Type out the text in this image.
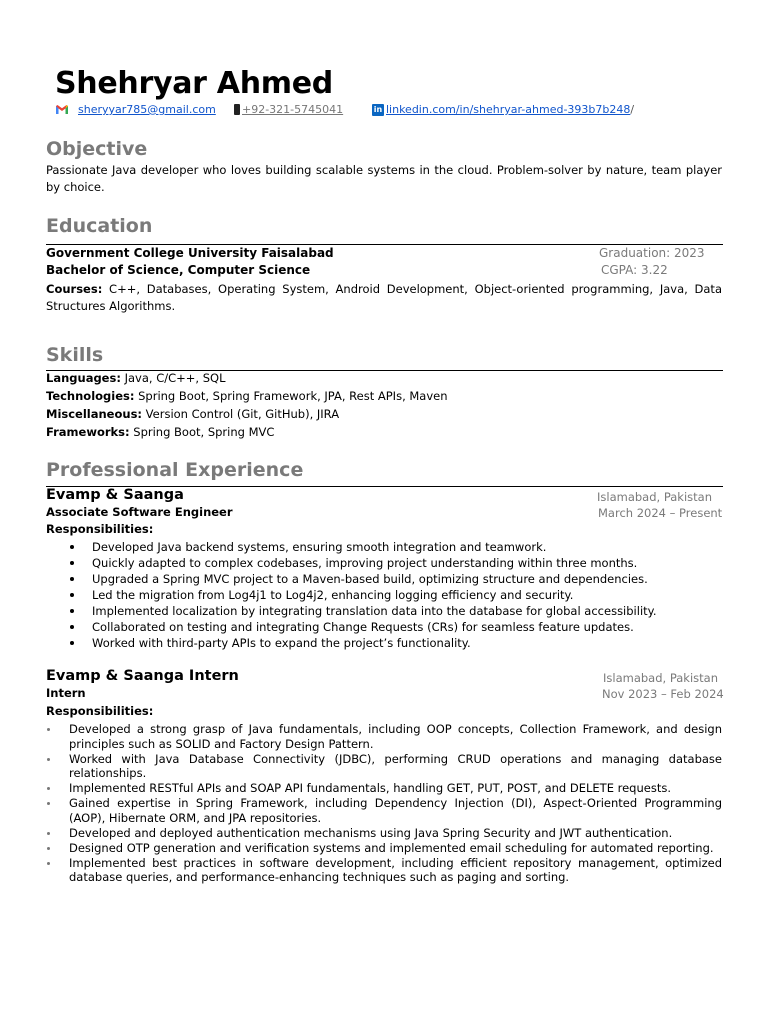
Shehryar Ahmed
sheryyar785@gmail.com +92-321-5745041	in linkedin.com/in/shehryar-ahmed-393b7b248 /
Objective
Passionate Java developer who loves building scalable systems in the cloud. Problem-solver by nature, team player by choice.
Education
Government College University Faisalabad	Graduation: 2023
Bachelor of Science, Computer Science	CGPA: 3.22
Courses: C++, Databases, Operating System, Android Development, Object-oriented programming, Java, Data Structures Algorithms.
Skills
Languages: Java, C/C++, SQL
Technologies: Spring Boot, Spring Framework, JPA, Rest APIs, Maven
Miscellaneous: Version Control (Git, GitHub), JIRA
Frameworks: Spring Boot, Spring MVC
Professional Experience
Evamp & Saanga	Islamabad, Pakistan
Associate Software Engineer	March 2024 – Present
Responsibilities:
Developed Java backend systems, ensuring smooth integration and teamwork.
Quickly adapted to complex codebases, improving project understanding within three months.
Upgraded a Spring MVC project to a Maven-based build, optimizing structure and dependencies.
Led the migration from Log4j1 to Log4j2, enhancing logging efficiency and security.
Implemented localization by integrating translation data into the database for global accessibility.
Collaborated on testing and integrating Change Requests (CRs) for seamless feature updates.
Worked with third-party APIs to expand the project’s functionality.
Evamp & Saanga Intern	Islamabad, Pakistan
Intern	Nov 2023 – Feb 2024
Responsibilities:
Developed a strong grasp of Java fundamentals, including OOP concepts, Collection Framework, and design principles such as SOLID and Factory Design Pattern.
Worked with Java Database Connectivity (JDBC), performing CRUD operations and managing database relationships.
Implemented RESTful APIs and SOAP API fundamentals, handling GET, PUT, POST, and DELETE requests.
Gained expertise in Spring Framework, including Dependency Injection (DI), Aspect-Oriented Programming (AOP), Hibernate ORM, and JPA repositories.
Developed and deployed authentication mechanisms using Java Spring Security and JWT authentication.
Designed OTP generation and verification systems and implemented email scheduling for automated reporting.
Implemented best practices in software development, including efficient repository management, optimized database queries, and performance-enhancing techniques such as paging and sorting.
